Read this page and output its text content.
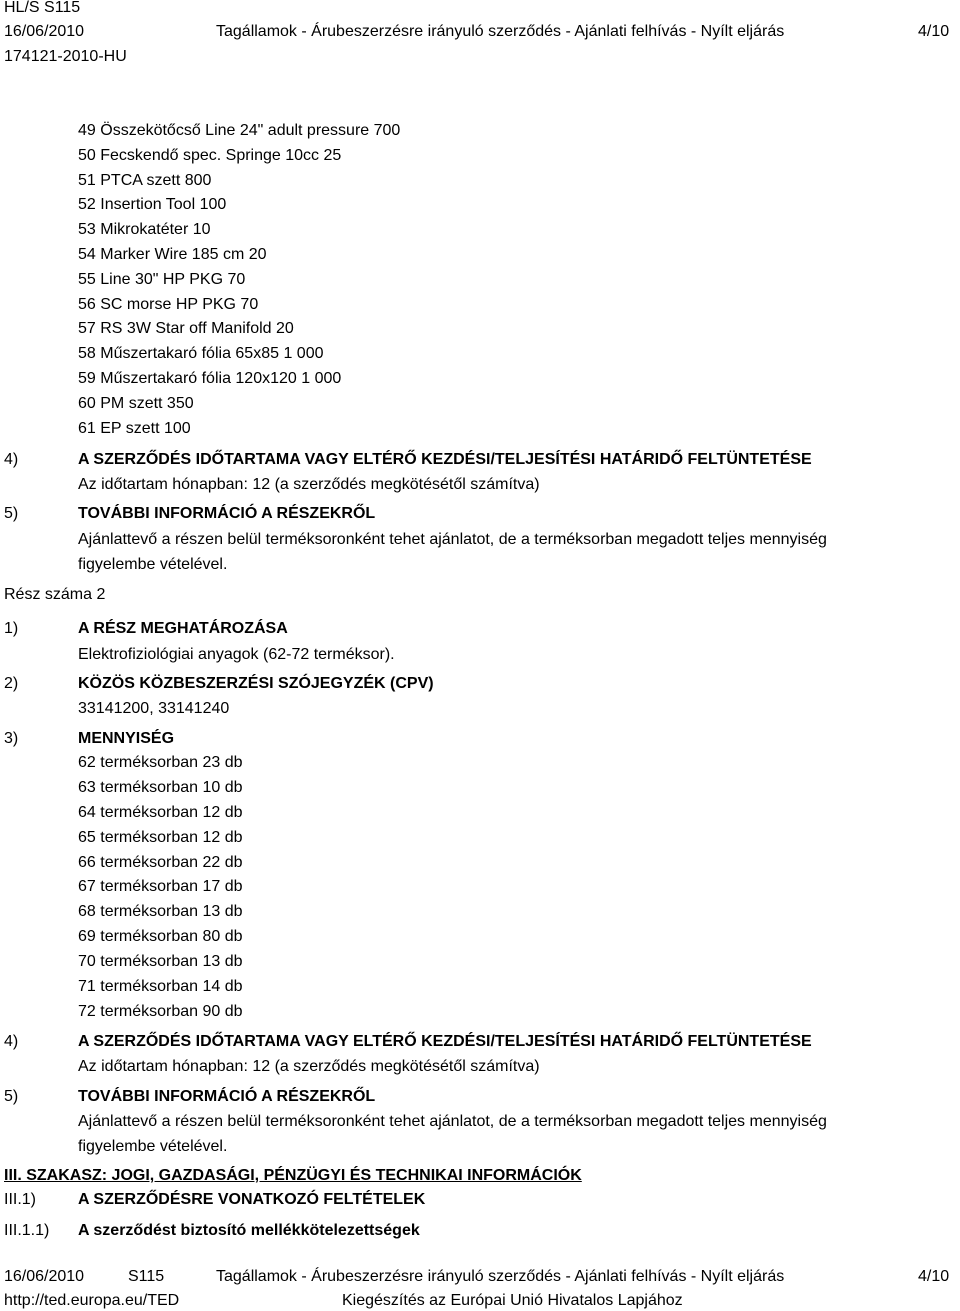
HL/S S115
16/06/2010	Tagállamok - Árubeszerzésre irányuló szerződés - Ajánlati felhívás - Nyílt eljárás	4/10
174121-2010-HU
49 Összekötőcső Line 24" adult pressure 700
50 Fecskendő spec. Springe 10cc 25
51 PTCA szett 800
52 Insertion Tool 100
53 Mikrokatéter 10
54 Marker Wire 185 cm 20
55 Line 30" HP PKG 70
56 SC morse HP PKG 70
57 RS 3W Star off Manifold 20
58 Műszertakaró fólia 65x85 1 000
59 Műszertakaró fólia 120x120 1 000
60 PM szett 350
61 EP szett 100
4)	A SZERZŐDÉS IDŐTARTAMA VAGY ELTÉRŐ KEZDÉSI/TELJESÍTÉSI HATÁRIDŐ FELTÜNTETÉSE
Az időtartam hónapban: 12 (a szerződés megkötésétől számítva)
5)	TOVÁBBI INFORMÁCIÓ A RÉSZEKRŐL
Ajánlattevő a részen belül terméksoronként tehet ajánlatot, de a terméksorban megadott teljes mennyiség
figyelembe vételével.
Rész száma 2
1)	A RÉSZ MEGHATÁROZÁSA
Elektrofiziológiai anyagok (62-72 terméksor).
2)	KÖZÖS KÖZBESZERZÉSI SZÓJEGYZÉK (CPV)
33141200, 33141240
3)	MENNYISÉG
62 terméksorban 23 db
63 terméksorban 10 db
64 terméksorban 12 db
65 terméksorban 12 db
66 terméksorban 22 db
67 terméksorban 17 db
68 terméksorban 13 db
69 terméksorban 80 db
70 terméksorban 13 db
71 terméksorban 14 db
72 terméksorban 90 db
4)	A SZERZŐDÉS IDŐTARTAMA VAGY ELTÉRŐ KEZDÉSI/TELJESÍTÉSI HATÁRIDŐ FELTÜNTETÉSE
Az időtartam hónapban: 12 (a szerződés megkötésétől számítva)
5)	TOVÁBBI INFORMÁCIÓ A RÉSZEKRŐL
Ajánlattevő a részen belül terméksoronként tehet ajánlatot, de a terméksorban megadott teljes mennyiség
figyelembe vételével.
III. SZAKASZ: JOGI, GAZDASÁGI, PÉNZÜGYI ÉS TECHNIKAI INFORMÁCIÓK
III.1)	A SZERZŐDÉSRE VONATKOZÓ FELTÉTELEK
III.1.1) A szerződést biztosító mellékkötelezettségek
16/06/2010	S115	Tagállamok - Árubeszerzésre irányuló szerződés - Ajánlati felhívás - Nyílt eljárás	4/10
http://ted.europa.eu/TED	Kiegészítés az Európai Unió Hivatalos Lapjához
